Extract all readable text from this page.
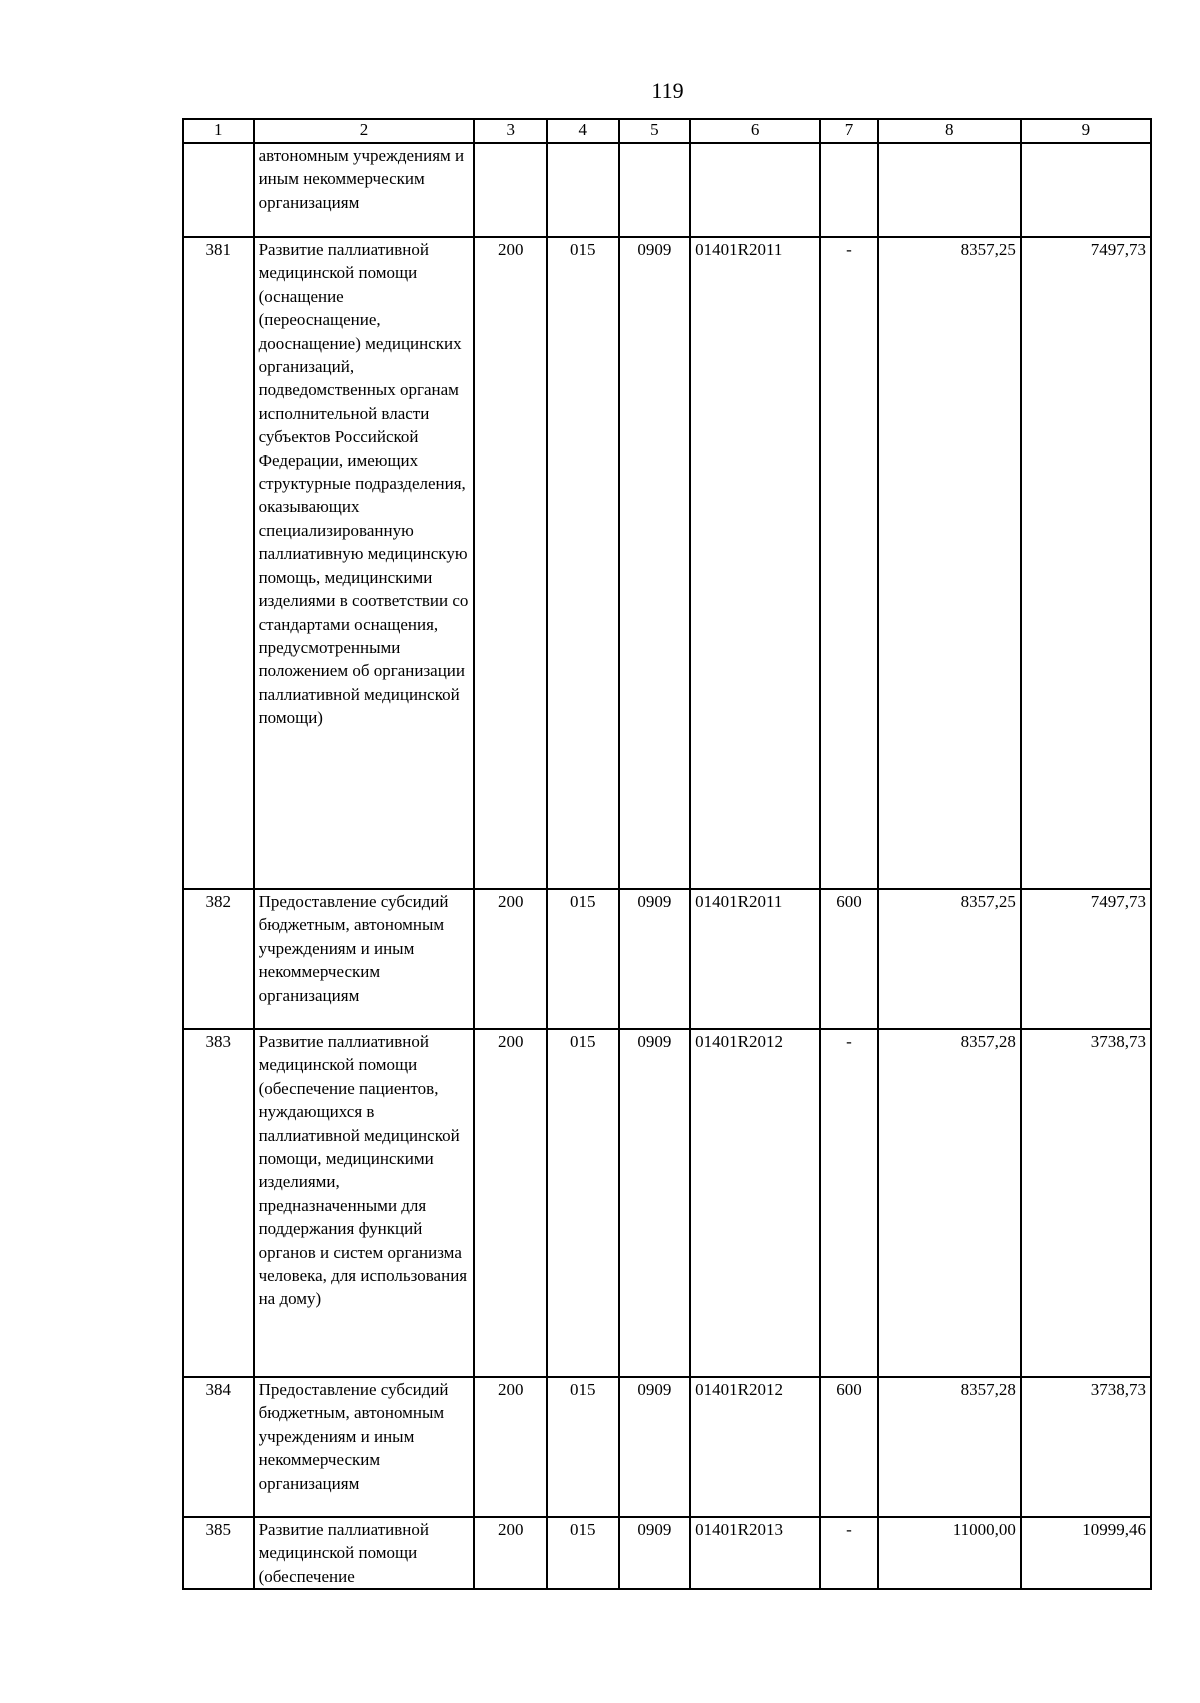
119
1	2	3	4	5	6	7	8	9
	автономным учреждениям и иным некоммерческим организациям							
381	Развитие паллиативной медицинской помощи (оснащение (переоснащение, дооснащение) медицинских организаций, подведомственных органам исполнительной власти субъектов Российской Федерации, имеющих структурные подразделения, оказывающих специализированную паллиативную медицинскую помощь, медицинскими изделиями в соответствии со стандартами оснащения, предусмотренными положением об организации паллиативной медицинской помощи)	200	015	0909	01401R2011	-	8357,25	7497,73
382	Предоставление субсидий бюджетным, автономным учреждениям и иным некоммерческим организациям	200	015	0909	01401R2011	600	8357,25	7497,73
383	Развитие паллиативной медицинской помощи (обеспечение пациентов, нуждающихся в паллиативной медицинской помощи, медицинскими изделиями, предназначенными для поддержания функций органов и систем организма человека, для использования на дому)	200	015	0909	01401R2012	-	8357,28	3738,73
384	Предоставление субсидий бюджетным, автономным учреждениям и иным некоммерческим организациям	200	015	0909	01401R2012	600	8357,28	3738,73
385	Развитие паллиативной медицинской помощи (обеспечение	200	015	0909	01401R2013	-	11000,00	10999,46
